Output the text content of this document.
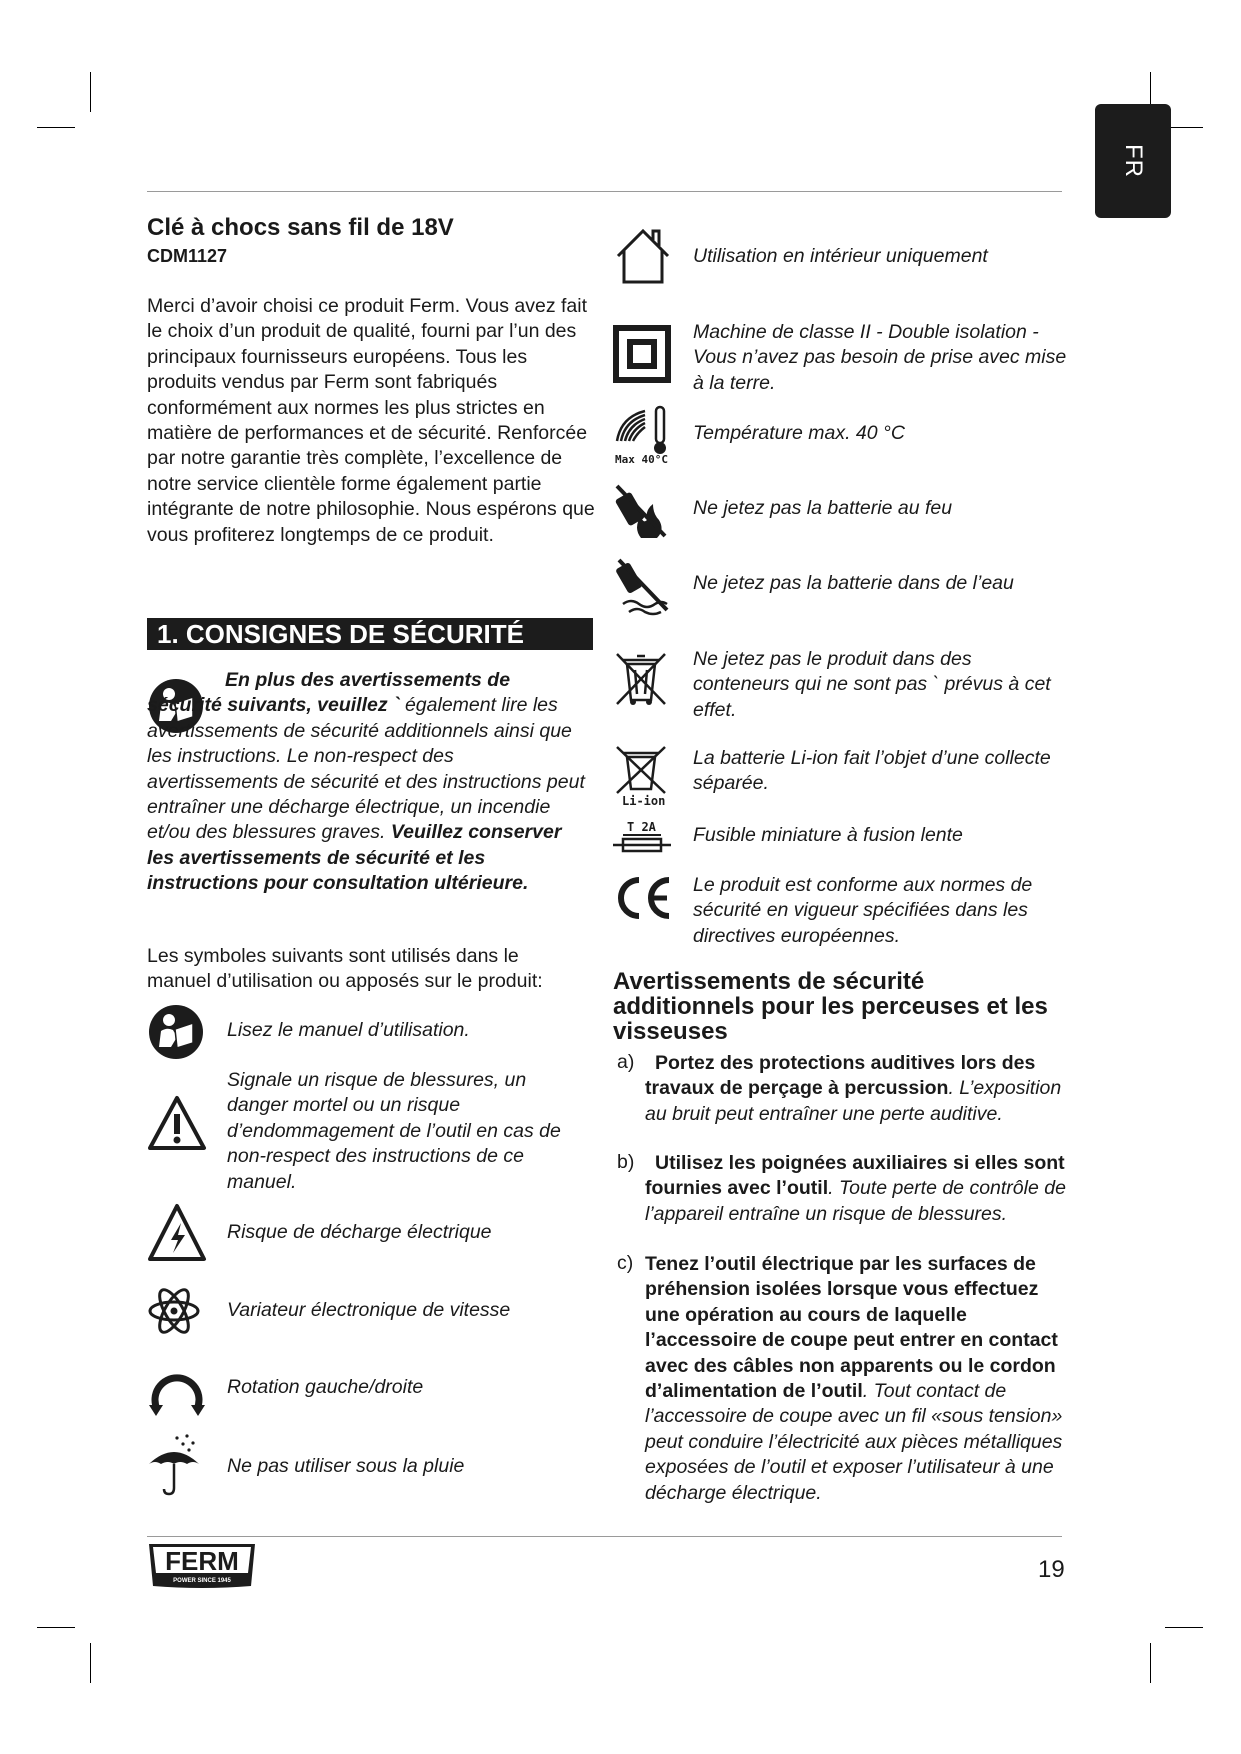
FR
Clé à chocs sans fil de 18V
CDM1127
Merci d’avoir choisi ce produit Ferm. Vous avez fait le choix d’un produit de qualité, fourni par l’un des principaux fournisseurs européens. Tous les produits vendus par Ferm sont fabriqués conformément aux normes les plus strictes en matière de performances et de sécurité. Renforcée par notre garantie très complète, l’excellence de notre service clientèle forme également partie intégrante de notre philosophie. Nous espérons que vous profiterez longtemps de ce produit.
1. CONSIGNES DE SÉCURITÉ
En plus des avertissements de sécurité suivants, veuillez ` également lire les avertissements de sécurité additionnels ainsi que les instructions. Le non-respect des avertissements de sécurité et des instructions peut entraîner une décharge électrique, un incendie et/ou des blessures graves. Veuillez conserver les avertissements de sécurité et les instructions pour consultation ultérieure.
Les symboles suivants sont utilisés dans le manuel d’utilisation ou apposés sur le produit:
Lisez le manuel d’utilisation.
Signale un risque de blessures, un danger mortel ou un risque d’endommagement de l’outil en cas de non-respect des instructions de ce manuel.
Risque de décharge électrique
Variateur électronique de vitesse
Rotation gauche/droite
Ne pas utiliser sous la pluie
Utilisation en intérieur uniquement
Machine de classe II - Double isolation - Vous n’avez pas besoin de prise avec mise à la terre.
Max 40°C
Température max. 40 °C
Ne jetez pas la batterie au feu
Ne jetez pas la batterie dans de l’eau
Ne jetez pas le produit dans des conteneurs qui ne sont pas ` prévus à cet effet.
Li-ion
La batterie Li-ion fait l’objet d’une collecte séparée.
T 2A Fusible miniature à fusion lente
Le produit est conforme aux normes de sécurité en vigueur spécifiées dans les directives européennes.
Avertissements de sécurité additionnels pour les perceuses et les visseuses
a)	Portez des protections auditives lors des travaux de perçage à percussion. L’exposition au bruit peut entraîner une perte auditive.
b)	Utilisez les poignées auxiliaires si elles sont fournies avec l’outil. Toute perte de contrôle de l’appareil entraîne un risque de blessures.
c) Tenez l’outil électrique par les surfaces de préhension isolées lorsque vous effectuez une opération au cours de laquelle l’accessoire de coupe peut entrer en contact avec des câbles non apparents ou le cordon d’alimentation de l’outil. Tout contact de l’accessoire de coupe avec un fil «sous tension» peut conduire l’électricité aux pièces métalliques exposées de l’outil et exposer l’utilisateur à une décharge électrique.
FERM
POWER SINCE 1945	19
